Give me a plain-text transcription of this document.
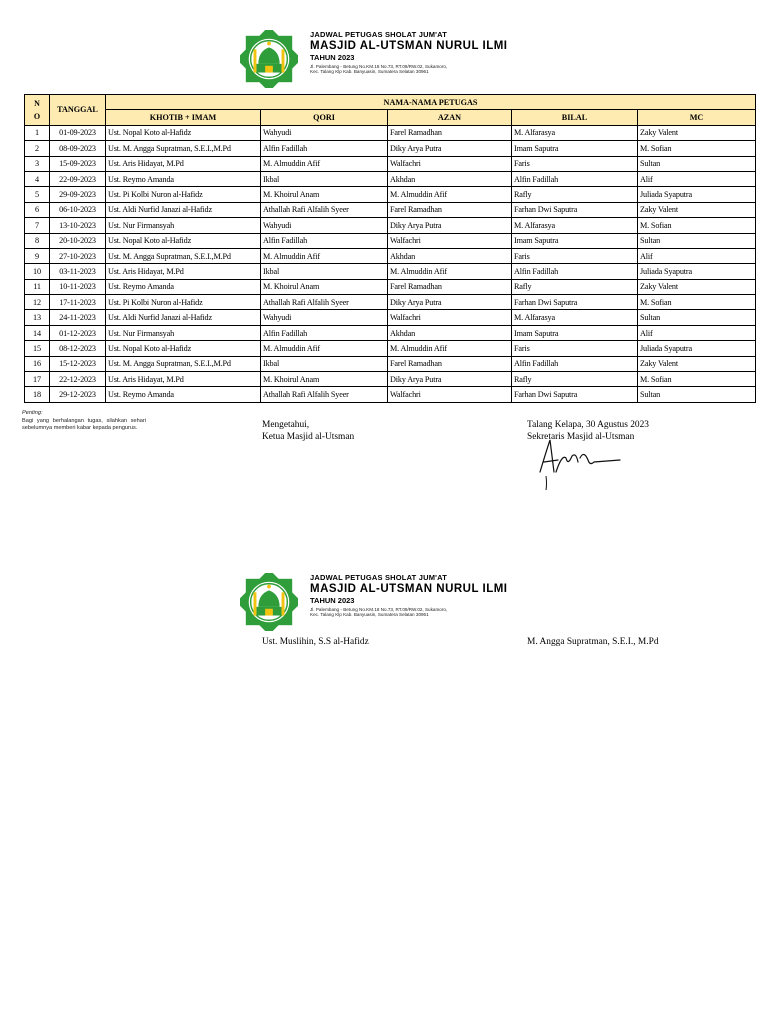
JADWAL PETUGAS SHOLAT JUM'AT
MASJID AL-UTSMAN NURUL ILMI
TAHUN 2023
Jl. Palembang - Betung No.KM.18 No.73, RT.09/RW.02, Sukamoro,
Kec. Talang Klp Kab. Banyuasin, Sumatera Selatan 30961
N
O	TANGGAL	NAMA-NAMA PETUGAS				
		KHOTIB + IMAM	QORI	AZAN	BILAL	MC
1	01-09-2023	Ust. Nopal Koto al-Hafidz	Wahyudi	Farel Ramadhan	M. Alfarasya	Zaky Valent
2	08-09-2023	Ust. M. Angga Supratman, S.E.I.,M.Pd	Alfin Fadillah	Diky Arya Putra	Imam Saputra	M. Sofian
3	15-09-2023	Ust. Aris Hidayat, M.Pd	M. Almuddin Afif	Walfachri	Faris	Sultan
4	22-09-2023	Ust. Reymo Amanda	Ikbal	Akhdan	Alfin Fadillah	Alif
5	29-09-2023	Ust. Pi Kolbi Nuron al-Hafidz	M. Khoirul Anam	M. Almuddin Afif	Rafly	Juliada Syaputra
6	06-10-2023	Ust. Aldi Nurfid Janazi al-Hafidz	Athallah Rafi Alfalih Syeer	Farel Ramadhan	Farhan Dwi Saputra	Zaky Valent
7	13-10-2023	Ust. Nur Firmansyah	Wahyudi	Diky Arya Putra	M. Alfarasya	M. Sofian
8	20-10-2023	Ust. Nopal Koto al-Hafidz	Alfin Fadillah	Walfachri	Imam Saputra	Sultan
9	27-10-2023	Ust. M. Angga Supratman, S.E.I.,M.Pd	M. Almuddin Afif	Akhdan	Faris	Alif
10	03-11-2023	Ust. Aris Hidayat, M.Pd	Ikbal	M. Almuddin Afif	Alfin Fadillah	Juliada Syaputra
11	10-11-2023	Ust. Reymo Amanda	M. Khoirul Anam	Farel Ramadhan	Rafly	Zaky Valent
12	17-11-2023	Ust. Pi Kolbi Nuron al-Hafidz	Athallah Rafi Alfalih Syeer	Diky Arya Putra	Farhan Dwi Saputra	M. Sofian
13	24-11-2023	Ust. Aldi Nurfid Janazi al-Hafidz	Wahyudi	Walfachri	M. Alfarasya	Sultan
14	01-12-2023	Ust. Nur Firmansyah	Alfin Fadillah	Akhdan	Imam Saputra	Alif
15	08-12-2023	Ust. Nopal Koto al-Hafidz	M. Almuddin Afif	M. Almuddin Afif	Faris	Juliada Syaputra
16	15-12-2023	Ust. M. Angga Supratman, S.E.I.,M.Pd	Ikbal	Farel Ramadhan	Alfin Fadillah	Zaky Valent
17	22-12-2023	Ust. Aris Hidayat, M.Pd	M. Khoirul Anam	Diky Arya Putra	Rafly	M. Sofian
18	29-12-2023	Ust. Reymo Amanda	Athallah Rafi Alfalih Syeer	Walfachri	Farhan Dwi Saputra	Sultan
Penting:
Bagi yang berhalangan tugas, silahkan sehari sebelumnya memberi kabar kepada pengurus.	Mengetahui,
Ketua Masjid al-Utsman
Talang Kelapa, 30 Agustus 2023
Sekretaris Masjid al-Utsman
JADWAL PETUGAS SHOLAT JUM'AT
MASJID AL-UTSMAN NURUL ILMI
TAHUN 2023
Jl. Palembang - Betung No.KM.18 No.73, RT.09/RW.02, Sukamoro,
Kec. Talang Klp Kab. Banyuasin, Sumatera Selatan 30961
Ust. Muslihin, S.S al-Hafidz	M. Angga Supratman, S.E.I., M.Pd
